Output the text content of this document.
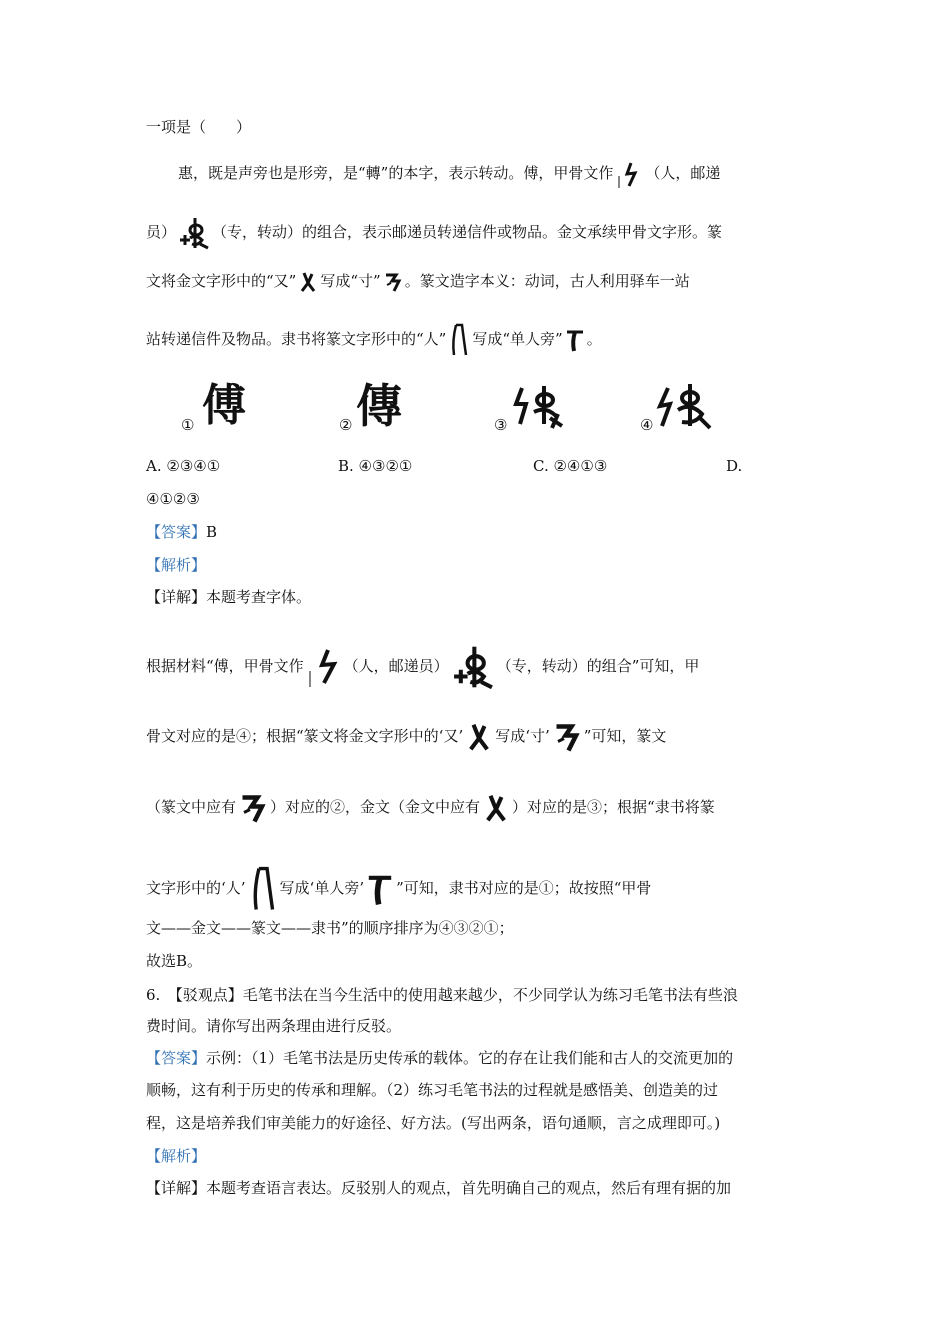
一项是（　　）
惠，既是声旁也是形旁，是“轉”的本字，表示转动。傅，甲骨文作 （人，邮递
员） （专，转动）的组合，表示邮递员转递信件或物品。金文承续甲骨文字形。篆
文将金文字形中的“又” 写成“寸” 。篆文造字本义：动词，古人利用驿车一站
站转递信件及物品。隶书将篆文字形中的“人” 写成“单人旁” 。
① 傅	② 傳	③	④
A. ②③④①	B. ④③②①	C. ②④①③	D.
④①②③
【答案】B
【解析】
【详解】本题考查字体。
根据材料“傅，甲骨文作	（人，邮递员）	（专，转动）的组合”可知，甲
骨文对应的是④；根据“篆文将金文字形中的‘又’ 写成‘寸’ ”可知，篆文
（篆文中应有 ）对应的②，金文（金文中应有 ）对应的是③；根据“隶书将篆
文字形中的‘人’ 写成‘单人旁’ ”可知，隶书对应的是①；故按照“甲骨
文——金文——篆文——隶书”的顺序排序为④③②①；
故选B。
6.　【驳观点】毛笔书法在当今生活中的使用越来越少，不少同学认为练习毛笔书法有些浪
费时间。请你写出两条理由进行反驳。
【答案】示例：（1）毛笔书法是历史传承的载体。它的存在让我们能和古人的交流更加的
顺畅，这有利于历史的传承和理解。（2）练习毛笔书法的过程就是感悟美、创造美的过
程，这是培养我们审美能力的好途径、好方法。(写出两条，语句通顺，言之成理即可。)
【解析】
【详解】本题考查语言表达。反驳别人的观点，首先明确自己的观点，然后有理有据的加
